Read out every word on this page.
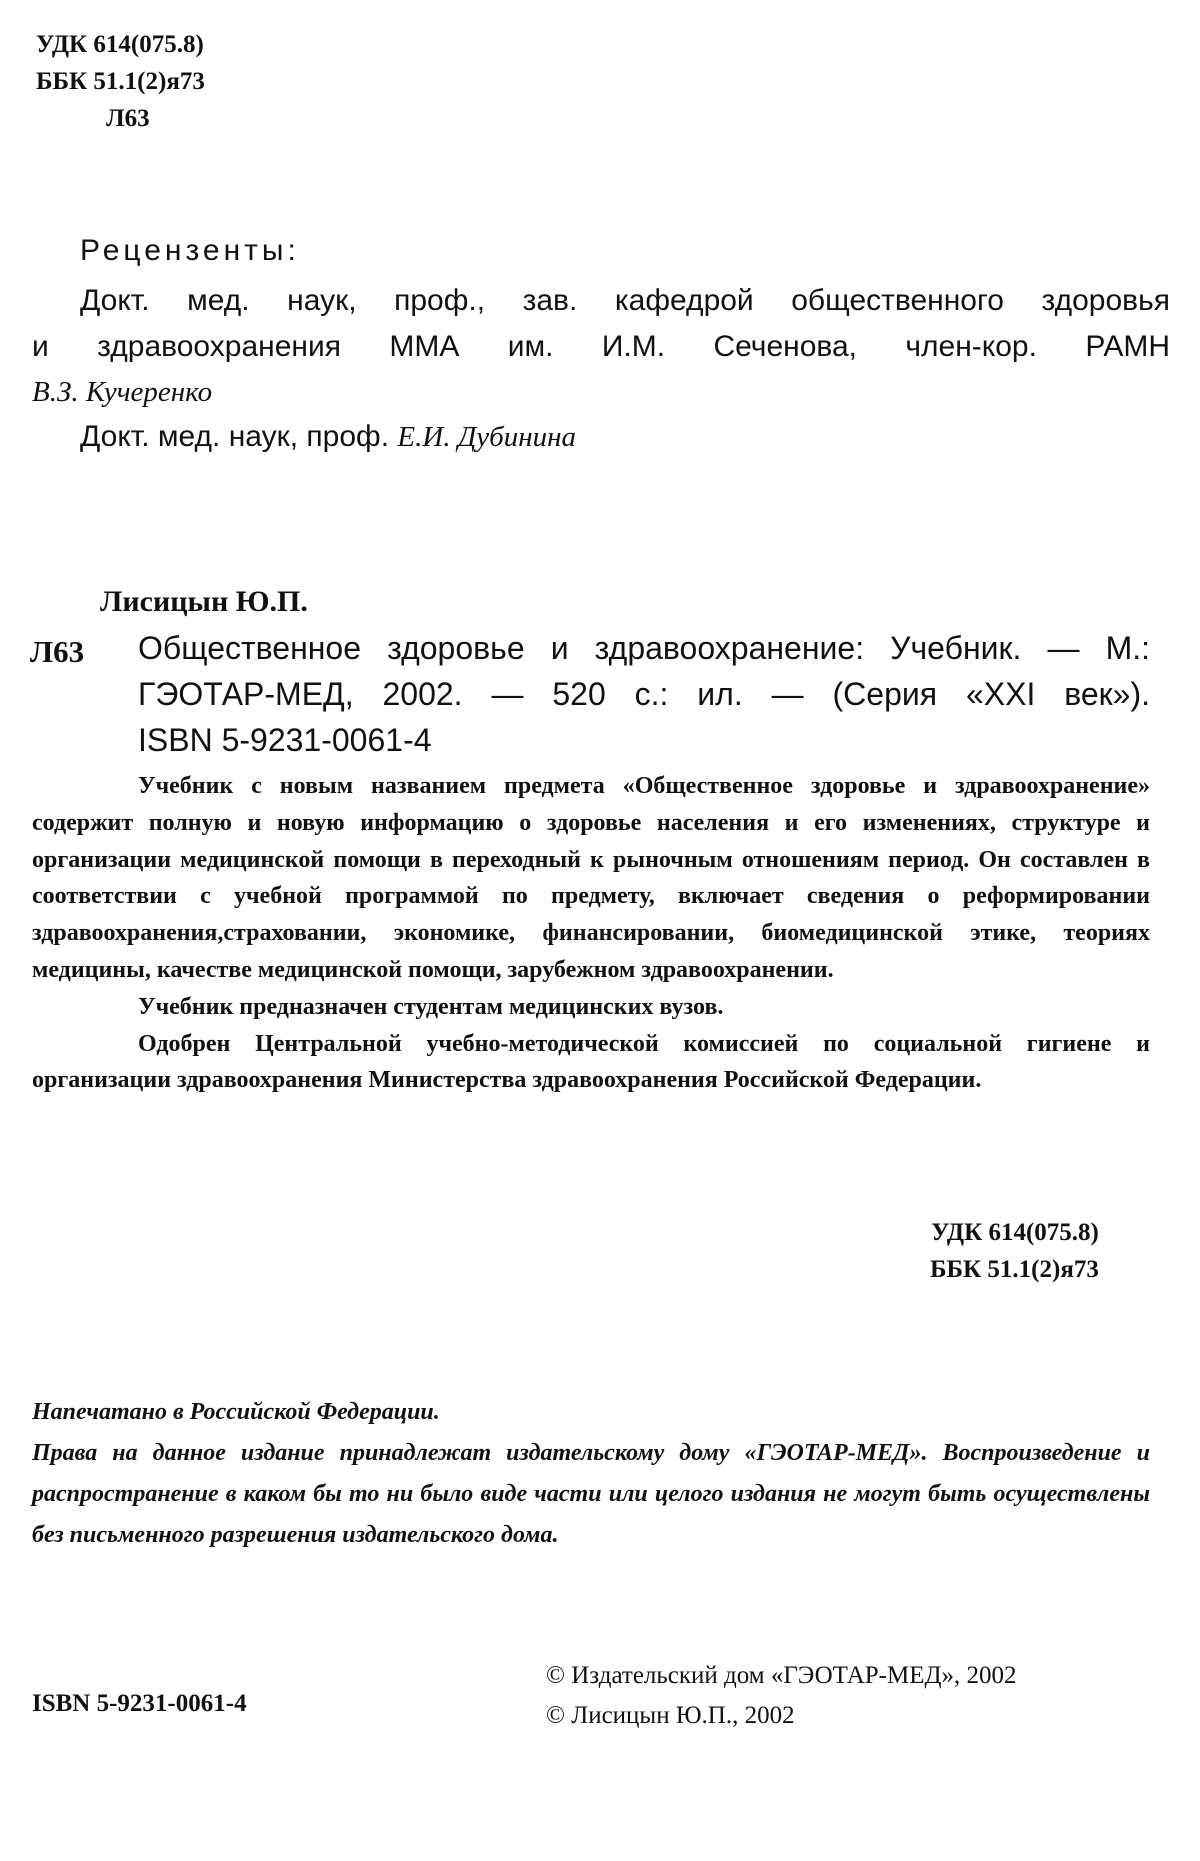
УДК 614(075.8)
ББК 51.1(2)я73

Л63
Рецензенты:
Докт. мед. наук, проф., зав. кафедрой общественного здоровья
и здравоохранения ММА им. И.М. Сеченова, член-кор. РАМН
В.З. Кучеренко
Докт. мед. наук, проф. Е.И. Дубинина
Лисицын Ю.П.
Л63 Общественное здоровье и здравоохранение: Учебник. — М.:
ГЭОТАР-МЕД, 2002. — 520 с.: ил. — (Серия «XXI век»).
ISBN 5-9231-0061-4

Учебник с новым названием предмета «Общественное здоровье и здравоохранение» содержит полную и новую информацию о здоровье населения и его изменениях, структуре и организации медицинской помощи в переходный к рыночным отношениям период. Он составлен в соответствии с учебной программой по предмету, включает сведения о реформировании здравоохранения,страховании, экономике, финансировании, биомедицинской этике, теориях медицины, качестве медицинской помощи, зарубежном здравоохранении.

Учебник предназначен студентам медицинских вузов.

Одобрен Центральной учебно-методической комиссией по социальной гигиене и организации здравоохранения Министерства здравоохранения Российской Федерации.

УДК 614(075.8)
ББК 51.1(2)я73
Напечатано в Российской Федерации.
Права на данное издание принадлежат издательскому дому «ГЭОТАР-МЕД». Воспроизведение и распространение в каком бы то ни было виде части или целого издания не могут быть осуществлены без письменного разрешения издательского дома.
ISBN 5-9231-0061-4
© Издательский дом «ГЭОТАР-МЕД», 2002
© Лисицын Ю.П., 2002
